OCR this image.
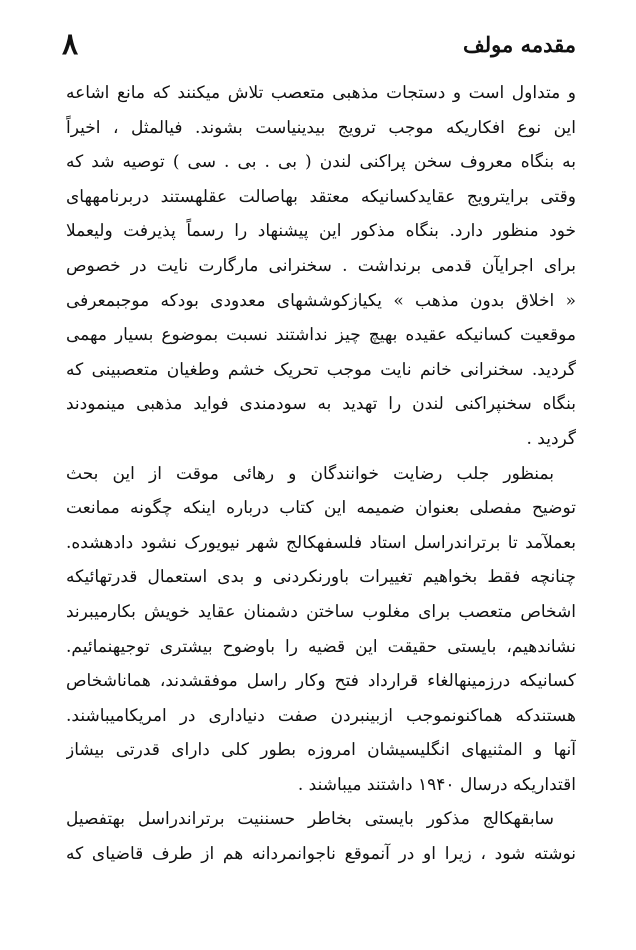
۸	مقدمه مولف
و متداول است و دستجات مذهبی متعصب تلاش میکنند که مانع اشاعه
این نوع افکاریکه موجب ترویج بیدینیاست بشوند. فیالمثل ، اخیراً
به بنگاه معروف سخن پراکنی لندن ( بی . بی . سی ) توصیه شد که
وقتی برایترویج عقایدکسانیکه معتقد بهاصالت عقلهستند دربرنامههای
خود منظور دارد. بنگاه مذکور این پیشنهاد را رسماً پذیرفت ولیعملا
برای اجرایآن قدمی برنداشت . سخنرانی مارگارت نایت در خصوص
« اخلاق بدون مذهب » یکیازکوششهای معدودی بودکه موجبمعرفی
موقعیت کسانیکه عقیده بهیچ چیز نداشتند نسبت بموضوع بسیار مهمی
گردید. سخنرانی خانم نایت موجب تحریک خشم وطغیان متعصبینی که
بنگاه سخنپراکنی لندن را تهدید به سودمندی فواید مذهبی مینمودند
گردید .
بمنظور جلب رضایت خوانندگان و رهائی موقت از این بحث
توضیح مفصلی بعنوان ضمیمه این کتاب درباره اینکه چگونه ممانعت
بعملآمد تا برتراندراسل استاد فلسفهکالج شهر نیویورک نشود دادهشده.
چنانچه فقط بخواهیم تغییرات باورنکردنی و بدی استعمال قدرتهائیکه
اشخاص متعصب برای مغلوب ساختن دشمنان عقاید خویش بکارمیبرند
نشاندهیم، بایستی حقیقت این قضیه را باوضوح بیشتری توجیهنمائیم.
کسانیکه درزمینهالغاء قرارداد فتح وکار راسل موفقشدند، هماناشخاص
هستندکه هماکنونموجب ازبینبردن صفت دنیاداری در امریکامیباشند.
آنها و المثنیهای انگلیسیشان امروزه بطور کلی دارای قدرتی بیشاز
اقتداریکه درسال ۱۹۴۰ داشتند میباشند .
سابقهکالج مذکور بایستی بخاطر حسننیت برتراندراسل بهتفصیل
نوشته شود ، زیرا او در آنموقع ناجوانمردانه هم از طرف قاضیای که
